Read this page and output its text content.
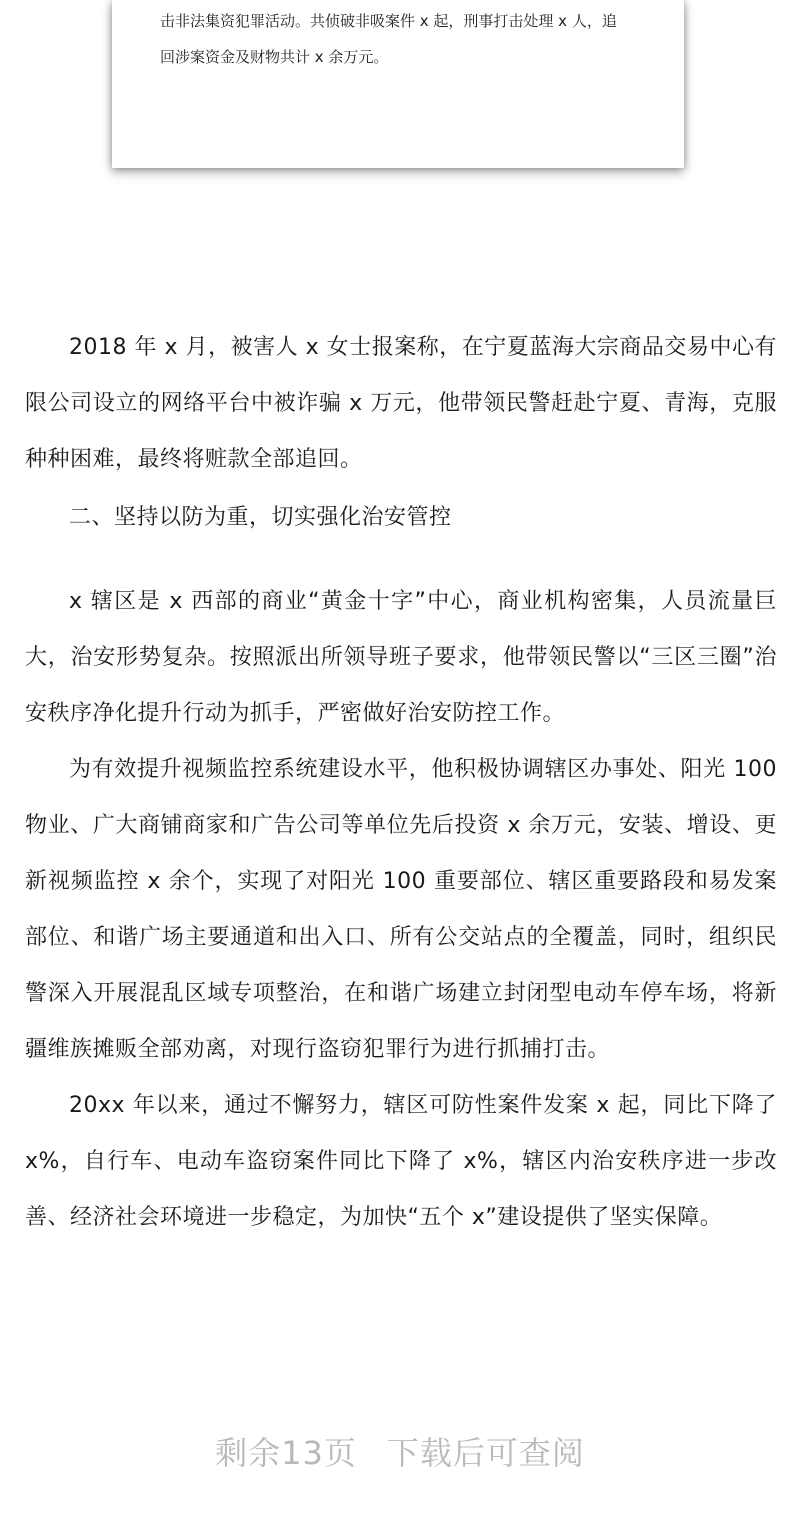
击非法集资犯罪活动。共侦破非吸案件 x 起，刑事打击处理 x 人，追

回涉案资金及财物共计 x 余万元。

2018 年 x 月，被害人 x 女士报案称，在宁夏蓝海大宗商品交易中心有限公司设立的网络平台中被诈骗 x 万元，他带领民警赶赴宁夏、青海，克服种种困难，最终将赃款全部追回。

二、坚持以防为重，切实强化治安管控

x 辖区是 x 西部的商业“黄金十字”中心，商业机构密集，人员流量巨大，治安形势复杂。按照派出所领导班子要求，他带领民警以“三区三圈”治安秩序净化提升行动为抓手，严密做好治安防控工作。

为有效提升视频监控系统建设水平，他积极协调辖区办事处、阳光 100 物业、广大商铺商家和广告公司等单位先后投资 x 余万元，安装、增设、更新视频监控 x 余个，实现了对阳光 100 重要部位、辖区重要路段和易发案部位、和谐广场主要通道和出入口、所有公交站点的全覆盖，同时，组织民警深入开展混乱区域专项整治，在和谐广场建立封闭型电动车停车场，将新疆维族摊贩全部劝离，对现行盗窃犯罪行为进行抓捕打击。

20xx 年以来，通过不懈努力，辖区可防性案件发案 x 起，同比下降了 x%，自行车、电动车盗窃案件同比下降了 x%，辖区内治安秩序进一步改善、经济社会环境进一步稳定，为加快“五个 x”建设提供了坚实保障。

剩余13页 下载后可查阅
